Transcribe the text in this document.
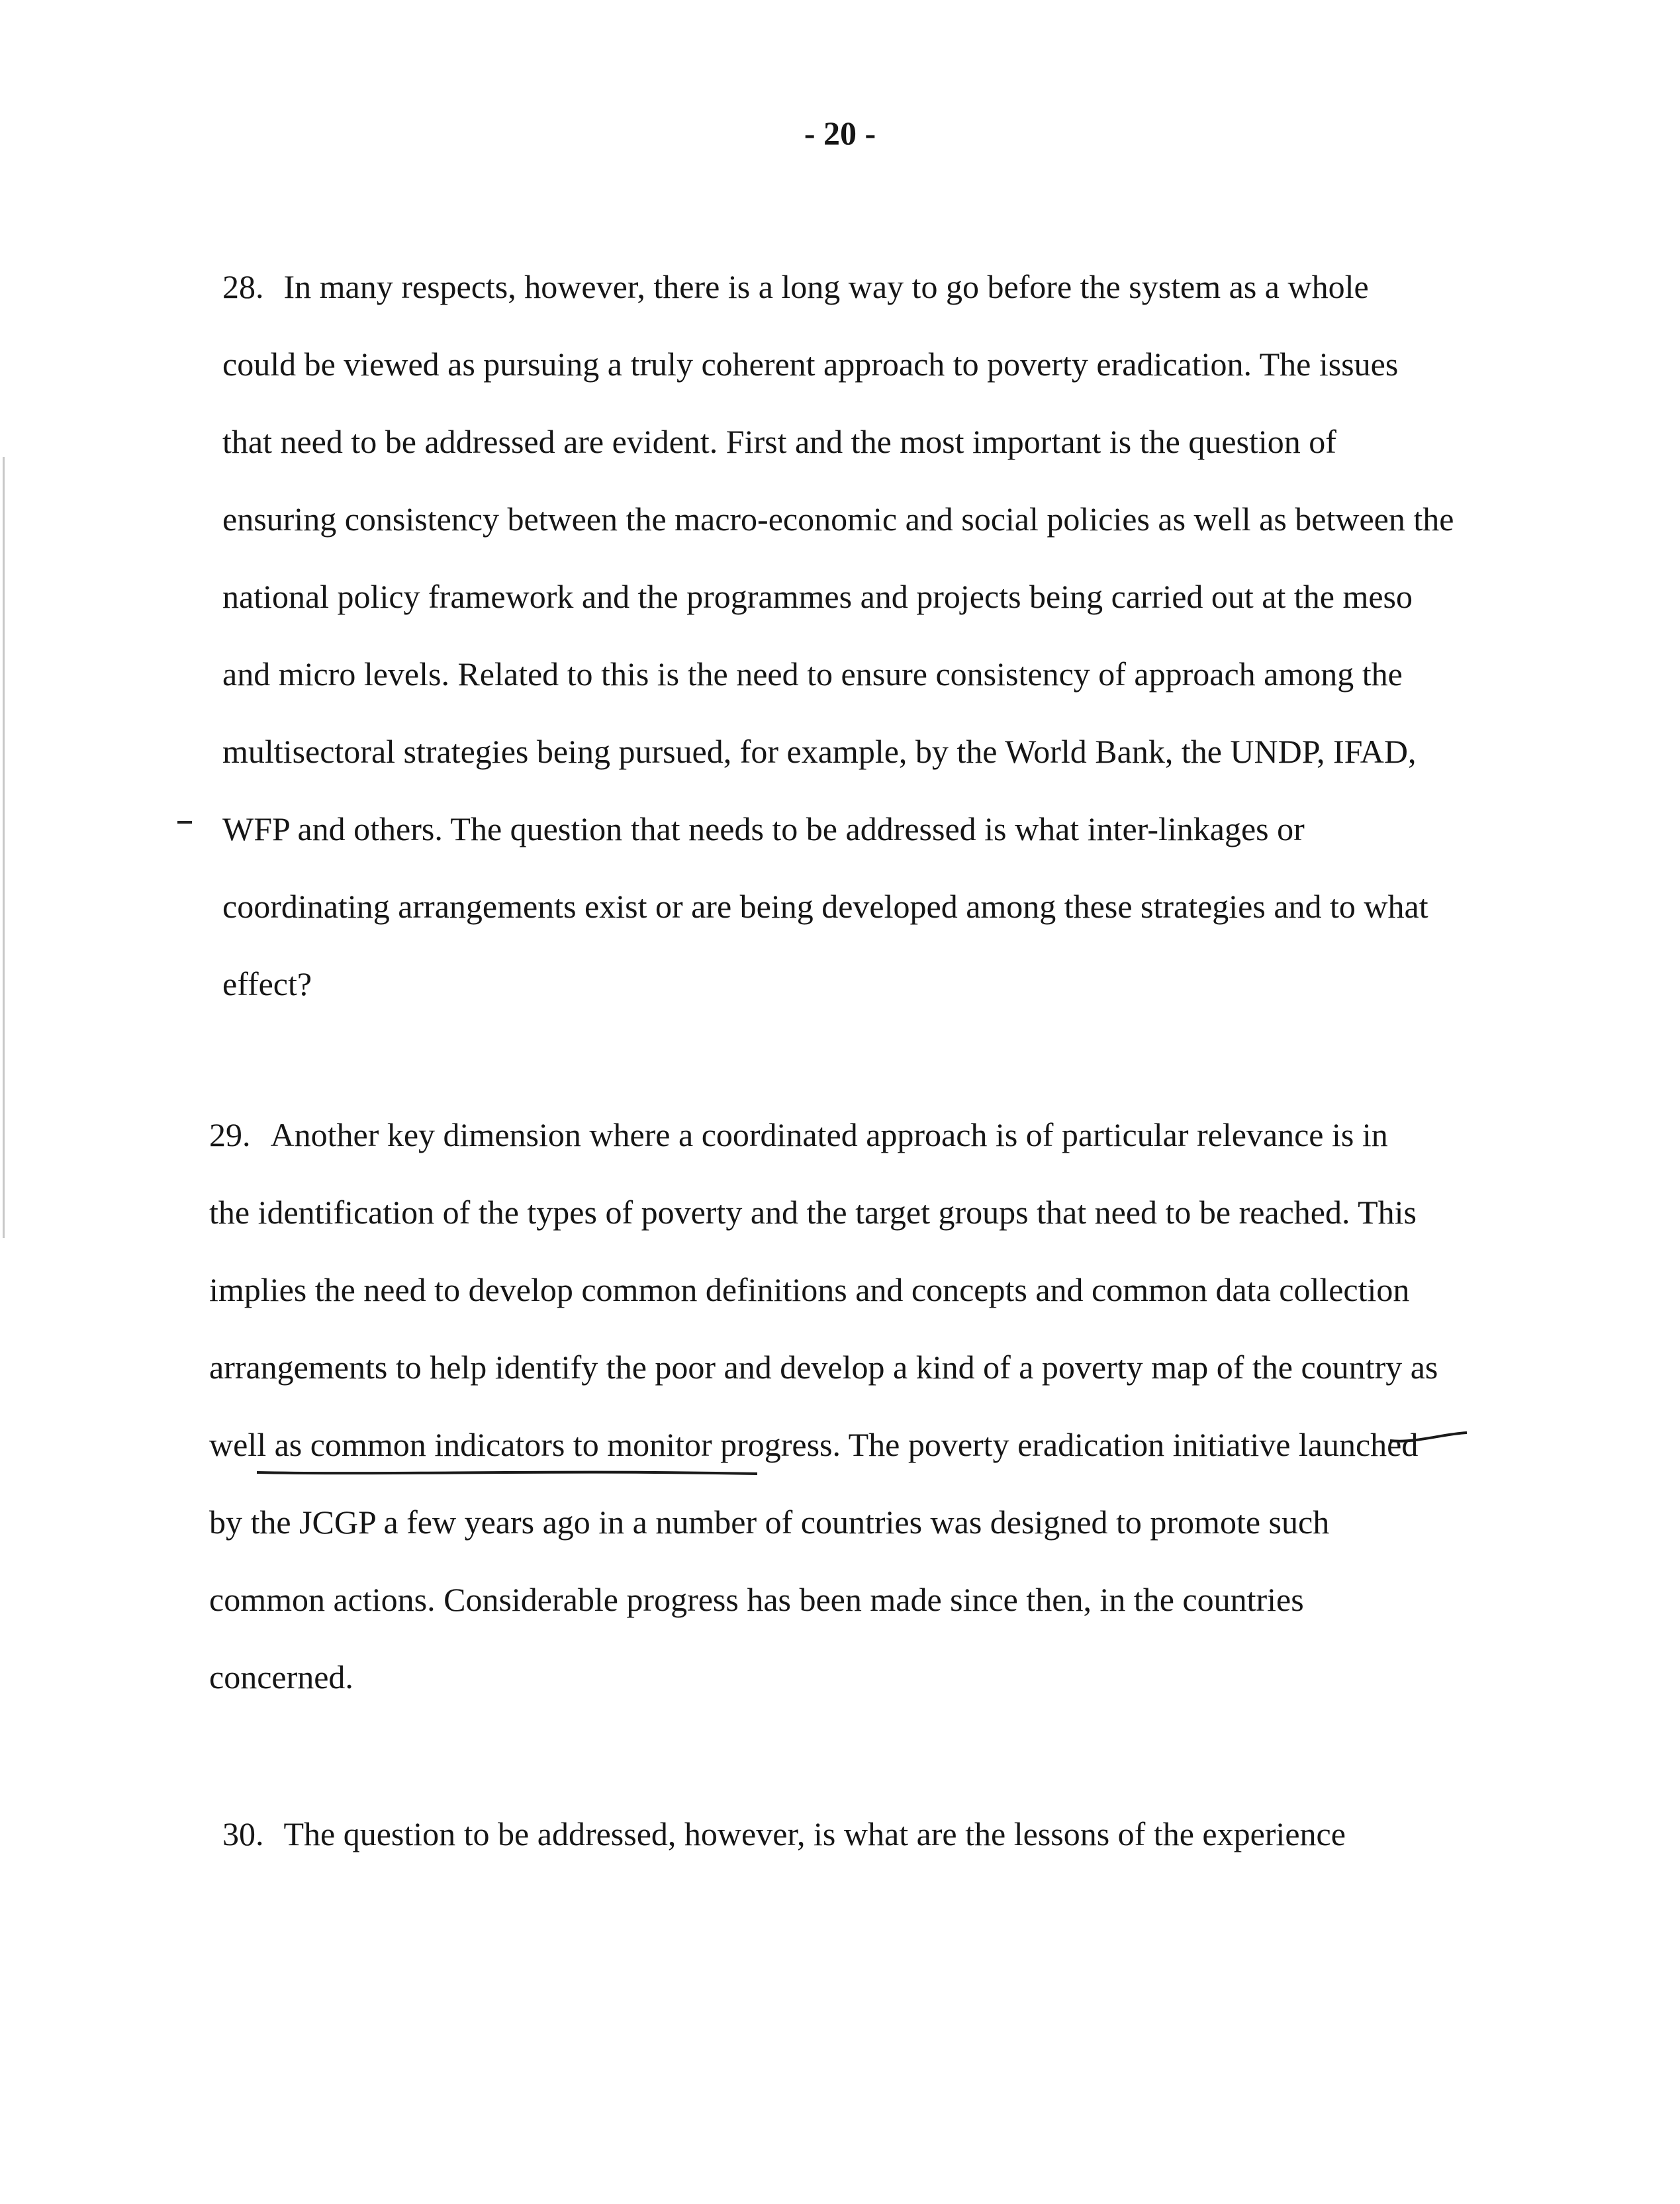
- 20 -
28. In many respects, however, there is a long way to go before the system as a whole
could be viewed as pursuing a truly coherent approach to poverty eradication. The issues
that need to be addressed are evident. First and the most important is the question of
ensuring consistency between the macro-economic and social policies as well as between the
national policy framework and the programmes and projects being carried out at the meso
and micro levels. Related to this is the need to ensure consistency of approach among the
multisectoral strategies being pursued, for example, by the World Bank, the UNDP, IFAD,
WFP and others. The question that needs to be addressed is what inter-linkages or
coordinating arrangements exist or are being developed among these strategies and to what
effect?
29. Another key dimension where a coordinated approach is of particular relevance is in
the identification of the types of poverty and the target groups that need to be reached. This
implies the need to develop common definitions and concepts and common data collection
arrangements to help identify the poor and develop a kind of a poverty map of the country as
well as common indicators to monitor progress. The poverty eradication initiative launched
by the JCGP a few years ago in a number of countries was designed to promote such
common actions. Considerable progress has been made since then, in the countries
concerned.
30. The question to be addressed, however, is what are the lessons of the experience
